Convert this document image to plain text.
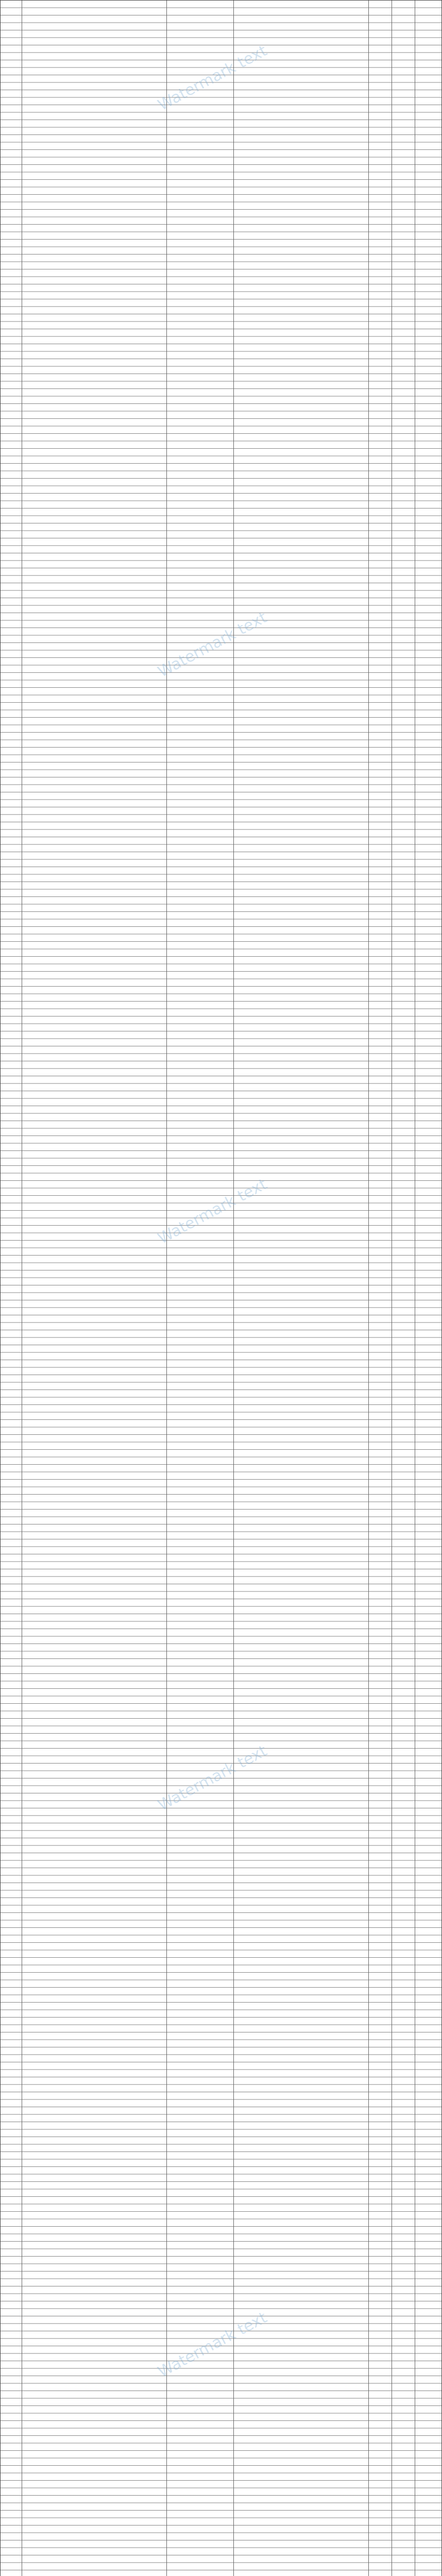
Watermark text
Watermark text
Watermark text
Watermark text
Watermark text
